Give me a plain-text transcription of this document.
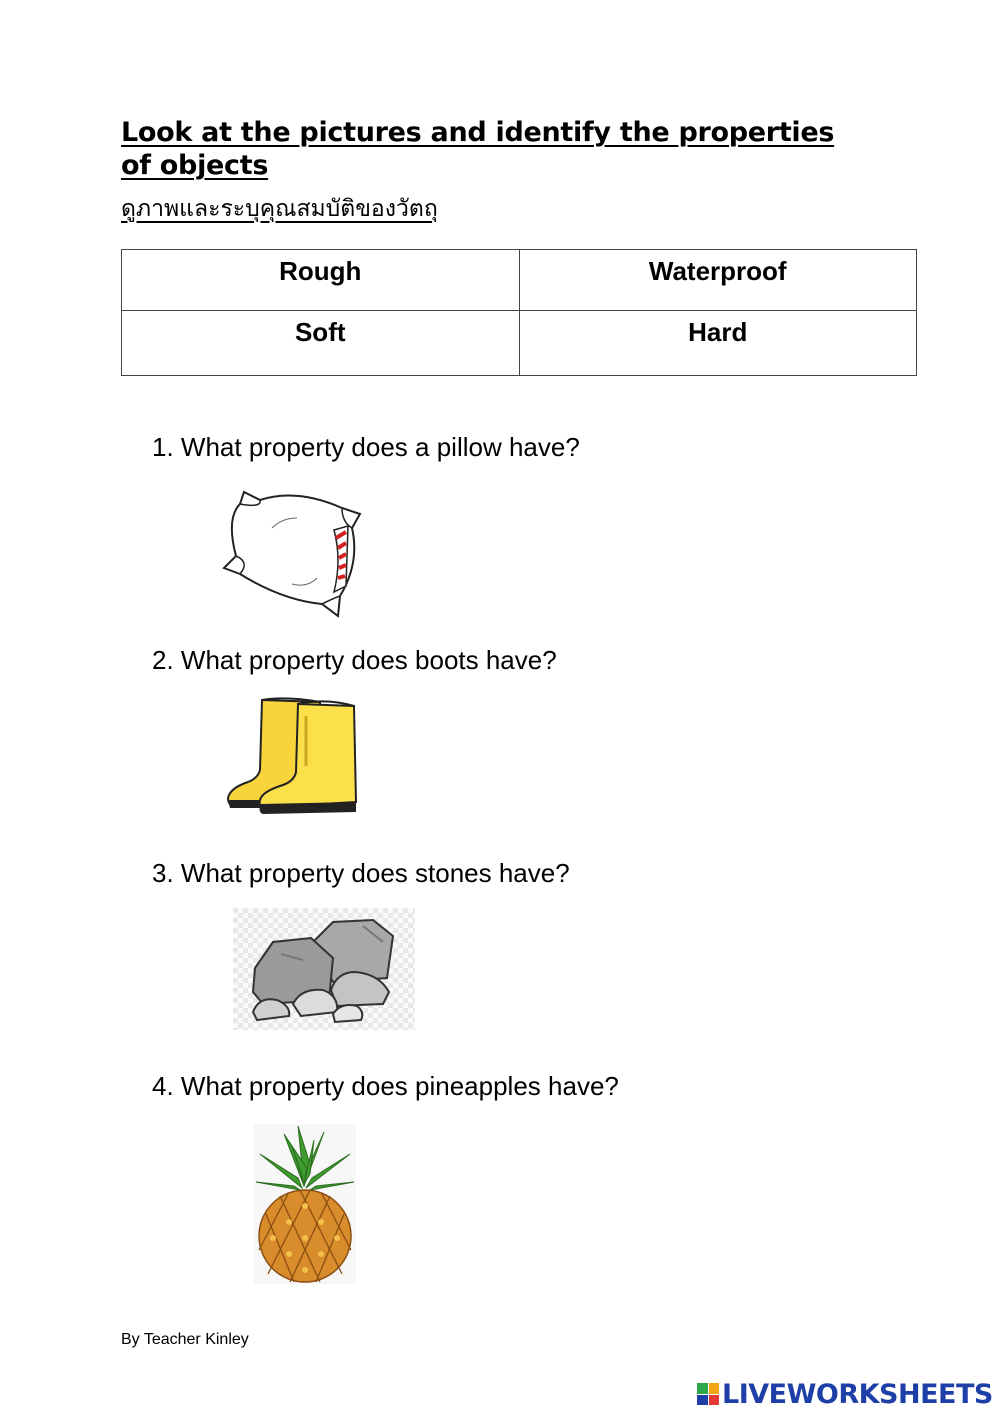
Look at the pictures and identify the properties of objects
ดูภาพและระบุคุณสมบัติของวัตถุ
Rough	Waterproof
Soft	Hard
1. What property does a pillow have?
2. What property does boots have?
3. What property does stones have?
4. What property does pineapples have?
By Teacher Kinley
LIVEWORKSHEETS
